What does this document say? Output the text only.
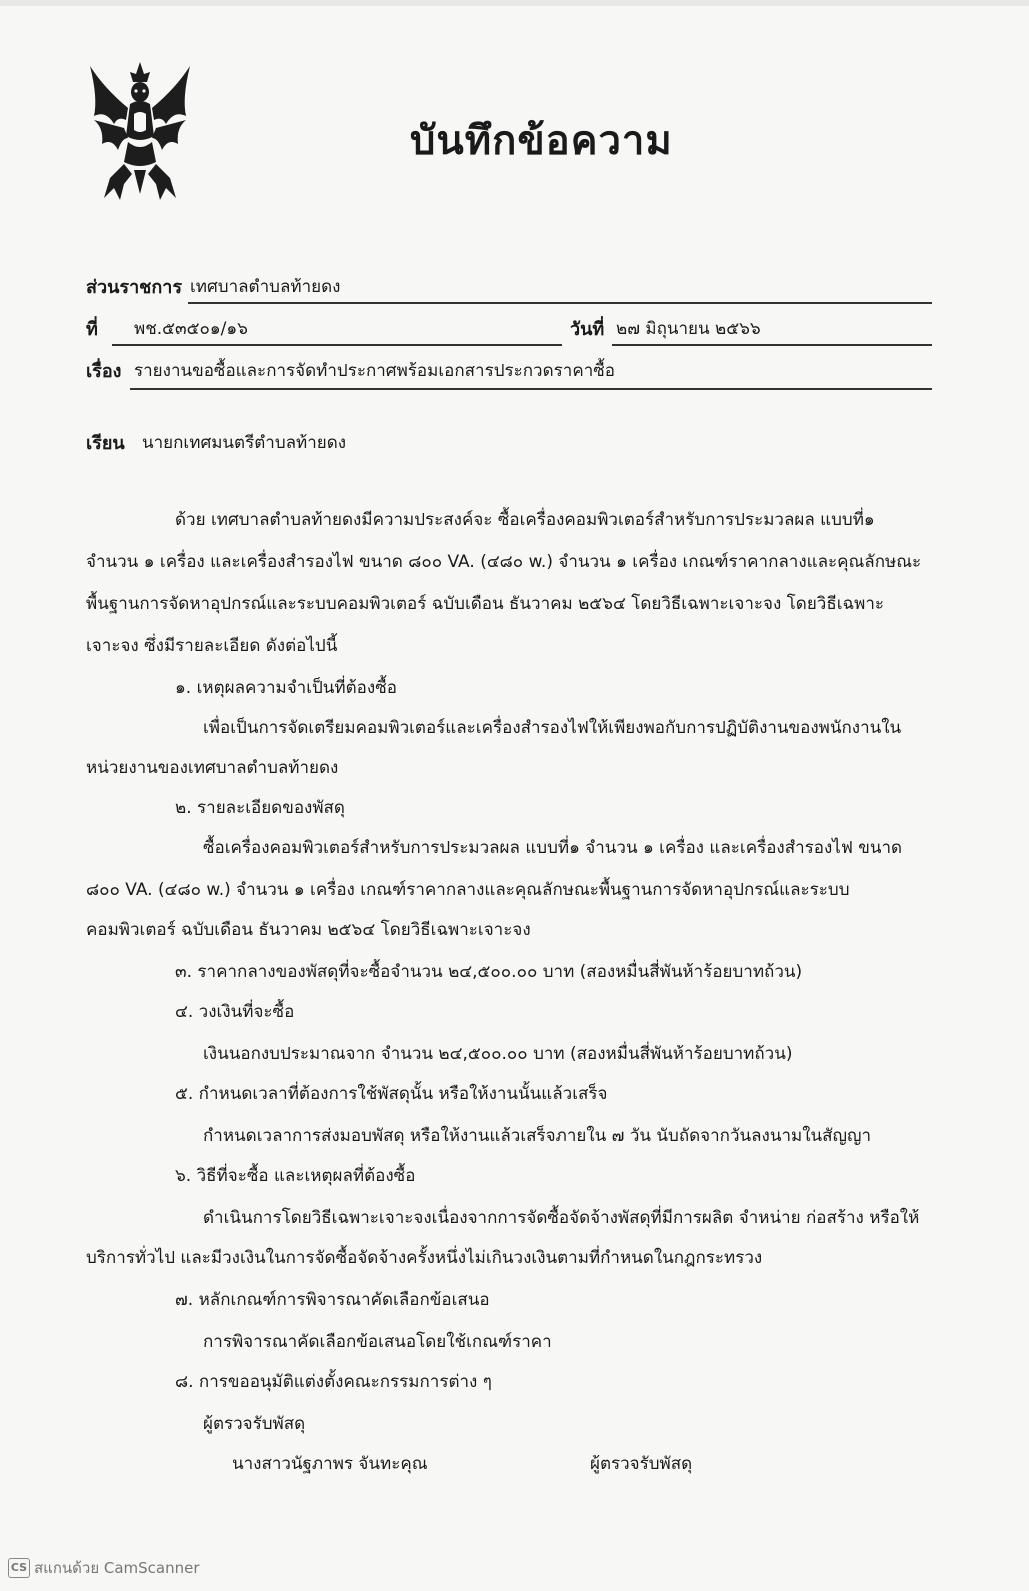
บันทึกข้อความ
ส่วนราชการ เทศบาลตำบลท้ายดง
ที่ พช.๕๓๕๐๑/๑๖	วันที่ ๒๗ มิถุนายน ๒๕๖๖
เรื่อง รายงานขอซื้อและการจัดทำประกาศพร้อมเอกสารประกวดราคาซื้อ
เรียน นายกเทศมนตรีตำบลท้ายดง
ด้วย เทศบาลตำบลท้ายดงมีความประสงค์จะ ซื้อเครื่องคอมพิวเตอร์สำหรับการประมวลผล แบบที่๑
จำนวน ๑ เครื่อง และเครื่องสำรองไฟ ขนาด ๘๐๐ VA. (๔๘๐ w.) จำนวน ๑ เครื่อง เกณฑ์ราคากลางและคุณลักษณะ
พื้นฐานการจัดหาอุปกรณ์และระบบคอมพิวเตอร์ ฉบับเดือน ธันวาคม ๒๕๖๔ โดยวิธีเฉพาะเจาะจง โดยวิธีเฉพาะ
เจาะจง ซึ่งมีรายละเอียด ดังต่อไปนี้
๑. เหตุผลความจำเป็นที่ต้องซื้อ
เพื่อเป็นการจัดเตรียมคอมพิวเตอร์และเครื่องสำรองไฟให้เพียงพอกับการปฏิบัติงานของพนักงานใน
หน่วยงานของเทศบาลตำบลท้ายดง
๒. รายละเอียดของพัสดุ
ซื้อเครื่องคอมพิวเตอร์สำหรับการประมวลผล แบบที่๑ จำนวน ๑ เครื่อง และเครื่องสำรองไฟ ขนาด
๘๐๐ VA. (๔๘๐ w.) จำนวน ๑ เครื่อง เกณฑ์ราคากลางและคุณลักษณะพื้นฐานการจัดหาอุปกรณ์และระบบ
คอมพิวเตอร์ ฉบับเดือน ธันวาคม ๒๕๖๔ โดยวิธีเฉพาะเจาะจง
๓. ราคากลางของพัสดุที่จะซื้อจำนวน ๒๔,๕๐๐.๐๐ บาท (สองหมื่นสี่พันห้าร้อยบาทถ้วน)
๔. วงเงินที่จะซื้อ
เงินนอกงบประมาณจาก จำนวน ๒๔,๕๐๐.๐๐ บาท (สองหมื่นสี่พันห้าร้อยบาทถ้วน)
๕. กำหนดเวลาที่ต้องการใช้พัสดุนั้น หรือให้งานนั้นแล้วเสร็จ
กำหนดเวลาการส่งมอบพัสดุ หรือให้งานแล้วเสร็จภายใน ๗ วัน นับถัดจากวันลงนามในสัญญา
๖. วิธีที่จะซื้อ และเหตุผลที่ต้องซื้อ
ดำเนินการโดยวิธีเฉพาะเจาะจงเนื่องจากการจัดซื้อจัดจ้างพัสดุที่มีการผลิต จำหน่าย ก่อสร้าง หรือให้
บริการทั่วไป และมีวงเงินในการจัดซื้อจัดจ้างครั้งหนึ่งไม่เกินวงเงินตามที่กำหนดในกฎกระทรวง
๗. หลักเกณฑ์การพิจารณาคัดเลือกข้อเสนอ
การพิจารณาคัดเลือกข้อเสนอโดยใช้เกณฑ์ราคา
๘. การขออนุมัติแต่งตั้งคณะกรรมการต่าง ๆ
ผู้ตรวจรับพัสดุ
นางสาวนัฐภาพร จันทะคุณ	ผู้ตรวจรับพัสดุ
CS สแกนด้วย CamScanner
